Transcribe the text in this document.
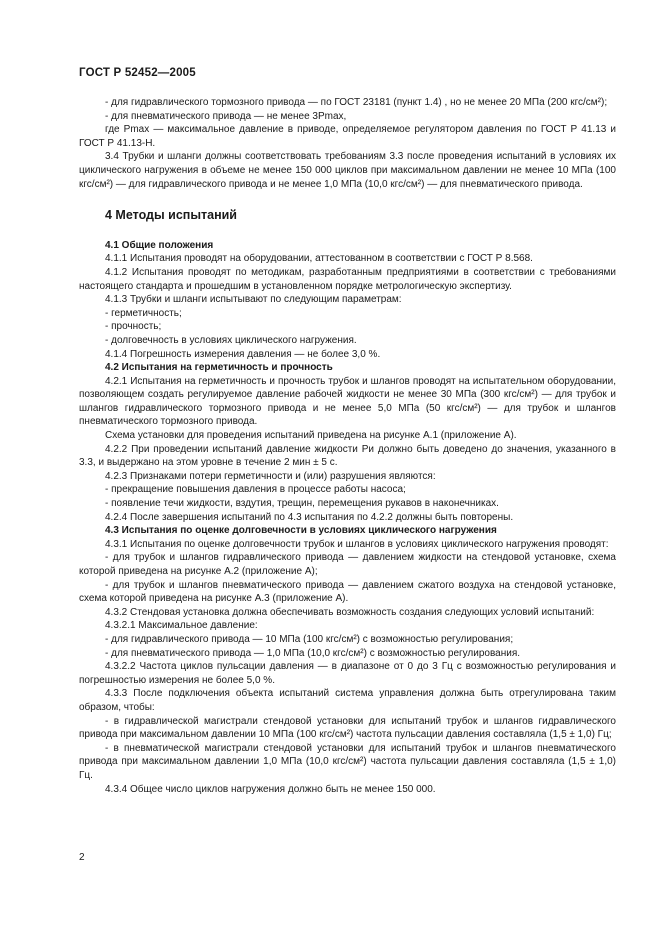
ГОСТ Р 52452—2005

- для гидравлического тормозного привода — по ГОСТ 23181 (пункт 1.4) , но не менее 20 МПа (200 кгс/см²);

- для пневматического привода — не менее 3Pmax,

где Pmax — максимальное давление в приводе, определяемое регулятором давления по ГОСТ Р 41.13 и ГОСТ Р 41.13-Н.

3.4 Трубки и шланги должны соответствовать требованиям 3.3 после проведения испытаний в условиях их циклического нагружения в объеме не менее 150 000 циклов при максимальном давлении не менее 10 МПа (100 кгс/см²) — для гидравлического привода и не менее 1,0 МПа (10,0 кгс/см²) — для пневматического привода.

4 Методы испытаний

4.1 Общие положения

4.1.1 Испытания проводят на оборудовании, аттестованном в соответствии с ГОСТ Р 8.568.

4.1.2 Испытания проводят по методикам, разработанным предприятиями в соответствии с требованиями настоящего стандарта и прошедшим в установленном порядке метрологическую экспертизу.

4.1.3 Трубки и шланги испытывают по следующим параметрам:

- герметичность;

- прочность;

- долговечность в условиях циклического нагружения.

4.1.4 Погрешность измерения давления — не более 3,0 %.

4.2 Испытания на герметичность и прочность

4.2.1 Испытания на герметичность и прочность трубок и шлангов проводят на испытательном оборудовании, позволяющем создать регулируемое давление рабочей жидкости не менее 30 МПа (300 кгс/см²) — для трубок и шлангов гидравлического тормозного привода и не менее 5,0 МПа (50 кгс/см²) — для трубок и шлангов пневматического тормозного привода.

Схема установки для проведения испытаний приведена на рисунке А.1 (приложение А).

4.2.2 При проведении испытаний давление жидкости Pи должно быть доведено до значения, указанного в 3.3, и выдержано на этом уровне в течение 2 мин ± 5 с.

4.2.3 Признаками потери герметичности и (или) разрушения являются:

- прекращение повышения давления в процессе работы насоса;

- появление течи жидкости, вздутия, трещин, перемещения рукавов в наконечниках.

4.2.4 После завершения испытаний по 4.3 испытания по 4.2.2 должны быть повторены.

4.3 Испытания по оценке долговечности в условиях циклического нагружения

4.3.1 Испытания по оценке долговечности трубок и шлангов в условиях циклического нагружения проводят:

- для трубок и шлангов гидравлического привода — давлением жидкости на стендовой установке, схема которой приведена на рисунке А.2 (приложение А);

- для трубок и шлангов пневматического привода — давлением сжатого воздуха на стендовой установке, схема которой приведена на рисунке А.3 (приложение А).

4.3.2 Стендовая установка должна обеспечивать возможность создания следующих условий испытаний:

4.3.2.1 Максимальное давление:

- для гидравлического привода — 10 МПа (100 кгс/см²) с возможностью регулирования;

- для пневматического привода — 1,0 МПа (10,0 кгс/см²) с возможностью регулирования.

4.3.2.2 Частота циклов пульсации давления — в диапазоне от 0 до 3 Гц с возможностью регулирования и погрешностью измерения не более 5,0 %.

4.3.3 После подключения объекта испытаний система управления должна быть отрегулирована таким образом, чтобы:

- в гидравлической магистрали стендовой установки для испытаний трубок и шлангов гидравлического привода при максимальном давлении 10 МПа (100 кгс/см²) частота пульсации давления составляла (1,5 ± 1,0) Гц;

- в пневматической магистрали стендовой установки для испытаний трубок и шлангов пневматического привода при максимальном давлении 1,0 МПа (10,0 кгс/см²) частота пульсации давления составляла (1,5 ± 1,0) Гц.

4.3.4 Общее число циклов нагружения должно быть не менее 150 000.

2
